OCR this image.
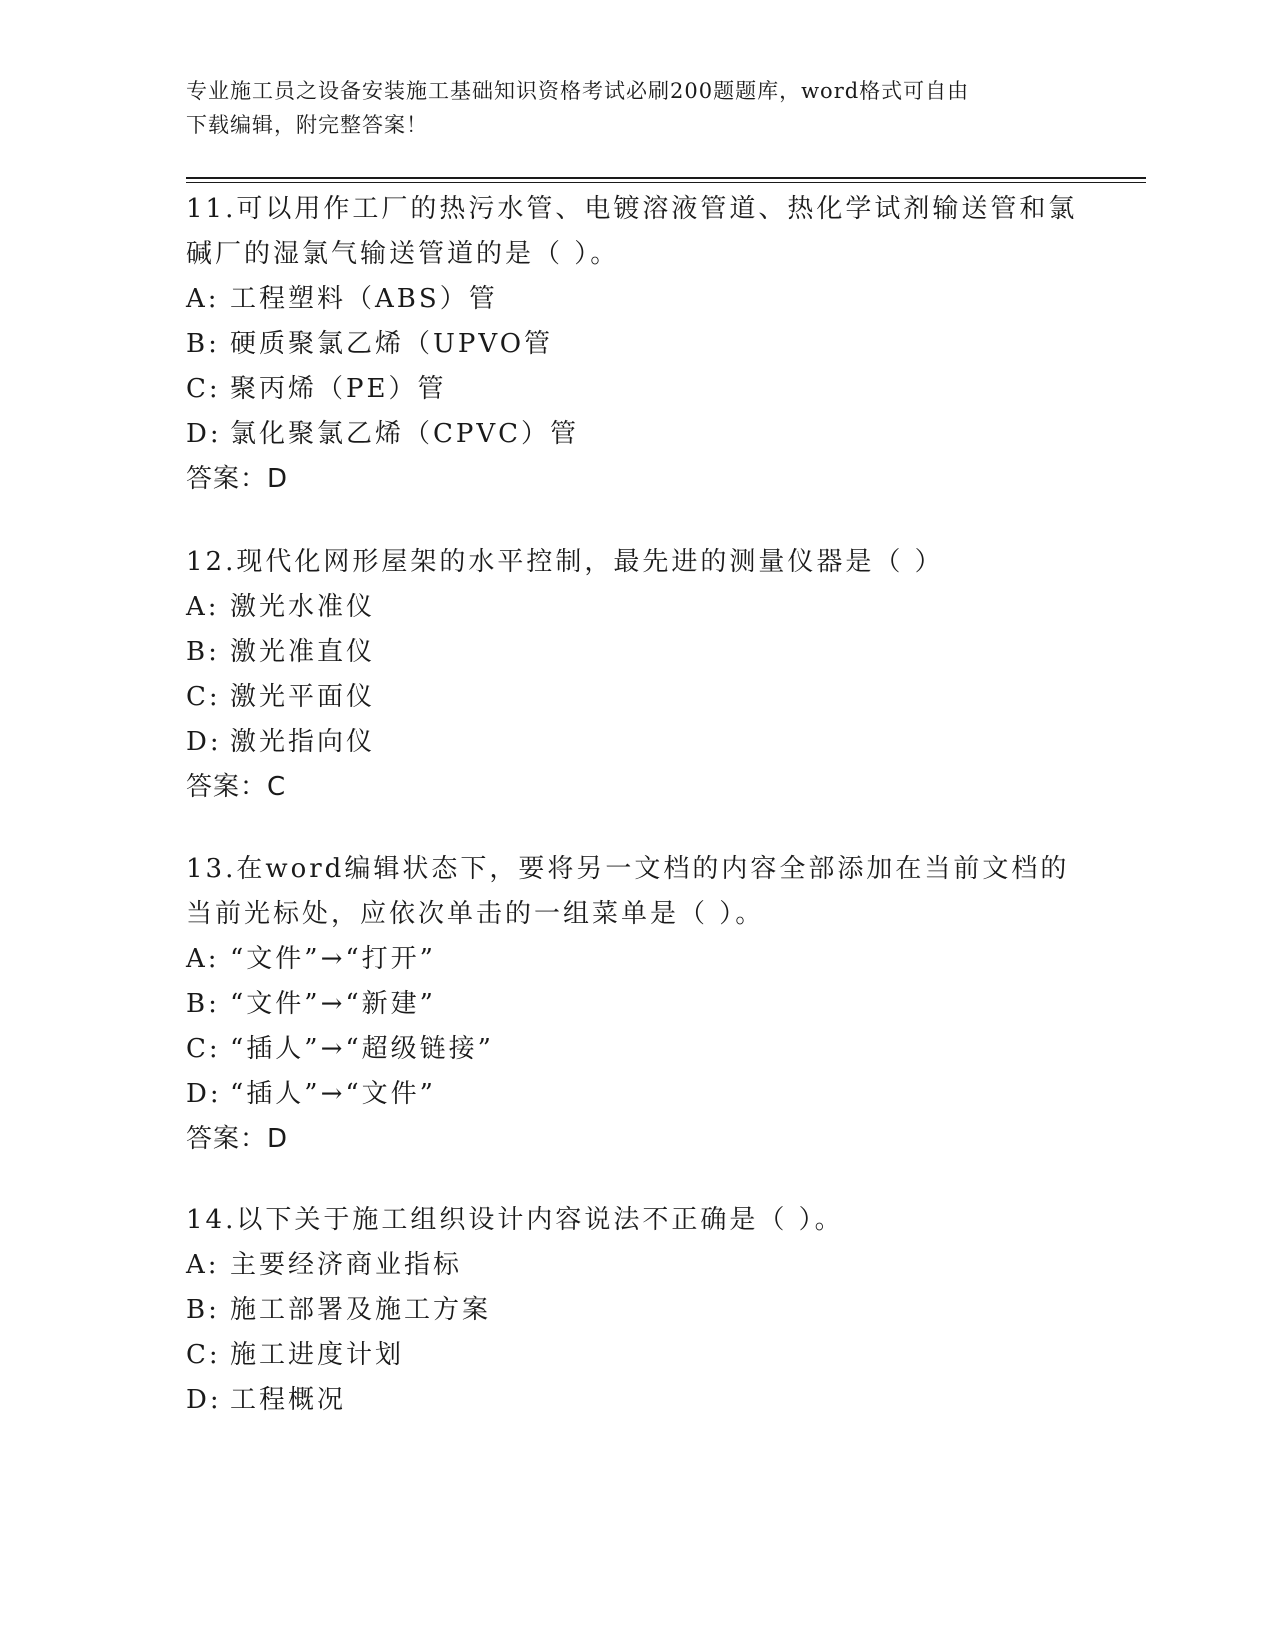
专业施工员之设备安装施工基础知识资格考试必刷200题题库，word格式可自由
下载编辑，附完整答案！

11.可以用作工厂的热污水管、电镀溶液管道、热化学试剂输送管和氯碱厂的湿氯气输送管道的是（ ）。

A: 工程塑料（ABS）管

B: 硬质聚氯乙烯（UPVO管

C: 聚丙烯（PE）管

D: 氯化聚氯乙烯（CPVC）管

答案：D

12.现代化网形屋架的水平控制，最先进的测量仪器是（ ）

A: 激光水准仪

B: 激光准直仪

C: 激光平面仪

D: 激光指向仪

答案：C

13.在word编辑状态下，要将另一文档的内容全部添加在当前文档的当前光标处，应依次单击的一组菜单是（ ）。

A: “文件”→“打开”

B: “文件”→“新建”

C: “插人”→“超级链接”

D: “插人”→“文件”

答案：D

14.以下关于施工组织设计内容说法不正确是（ ）。

A: 主要经济商业指标

B: 施工部署及施工方案

C: 施工进度计划

D: 工程概况
